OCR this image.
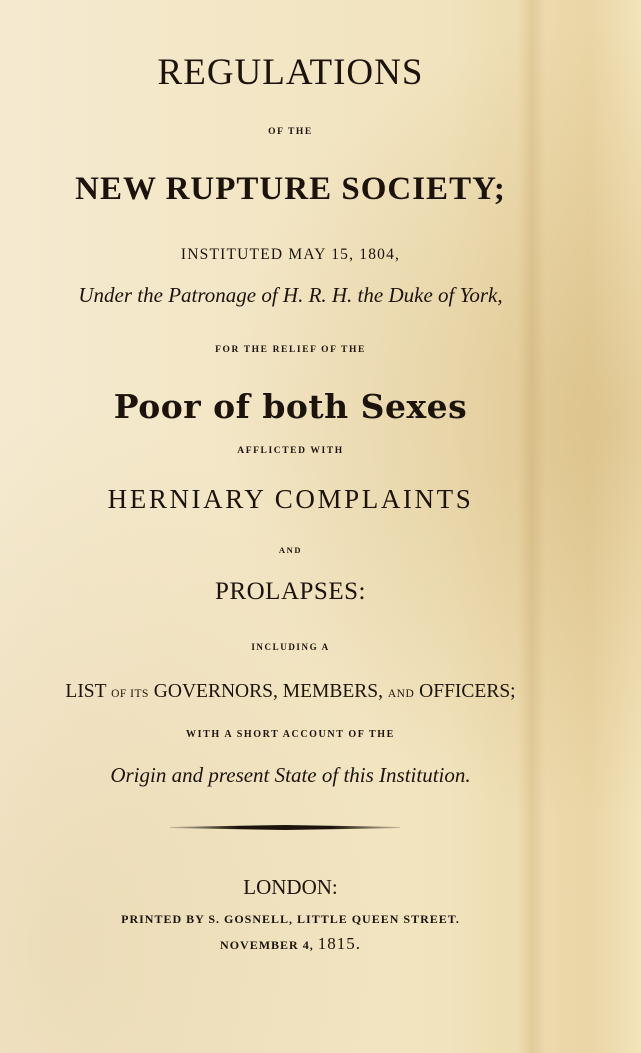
REGULATIONS
OF THE
NEW RUPTURE SOCIETY;
INSTITUTED MAY 15, 1804,
Under the Patronage of H. R. H. the Duke of York,
FOR THE RELIEF OF THE
Poor of both Sexes
AFFLICTED WITH
HERNIARY COMPLAINTS
AND
PROLAPSES:
INCLUDING A
LIST OF ITS GOVERNORS, MEMBERS, AND OFFICERS;
WITH A SHORT ACCOUNT OF THE
Origin and present State of this Institution.
LONDON:
PRINTED BY S. GOSNELL, LITTLE QUEEN STREET.
NOVEMBER 4, 1815.
